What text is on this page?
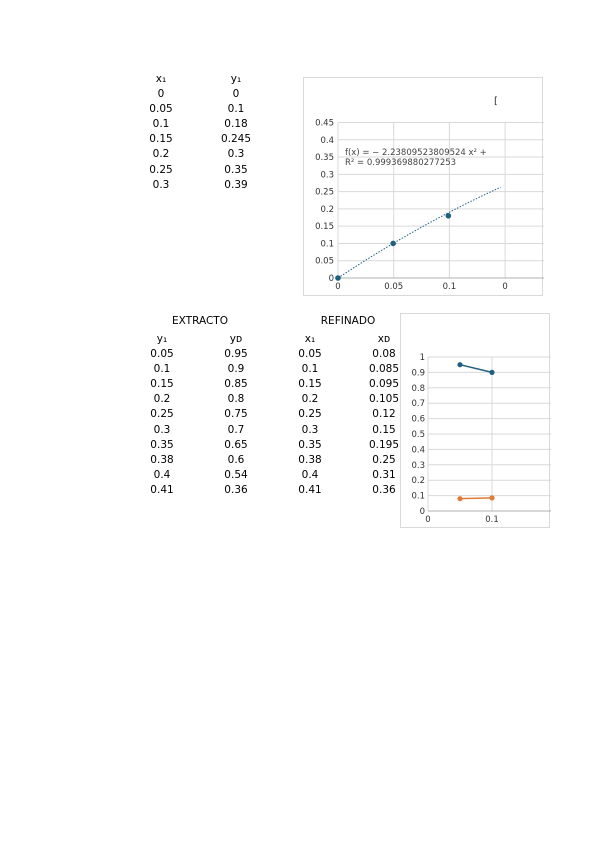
x₁	y₁
0	0
0.05	0.1
0.1	0.18
0.15	0.245
0.2	0.3
0.25	0.35
0.3	0.39
EXTRACTO	REFINADO
y₁	yᴅ	x₁	xᴅ
0.05	0.95	0.05	0.08
0.1	0.9	0.1	0.085
0.15	0.85	0.15	0.095
0.2	0.8	0.2	0.105
0.25	0.75	0.25	0.12
0.3	0.7	0.3	0.15
0.35	0.65	0.35	0.195
0.38	0.6	0.38	0.25
0.4	0.54	0.4	0.31
0.41	0.36	0.41	0.36
0
0.05
0.1
0.15
0.2
0.25
0.3
0.35
0.4
0.45
0	0.05	0.1	0
[
f(x) = − 2.23809523809524 x² +
R² = 0.999369880277253
0
0.1
0.2
0.3
0.4
0.5
0.6
0.7
0.8
0.9
1
0	0.1
